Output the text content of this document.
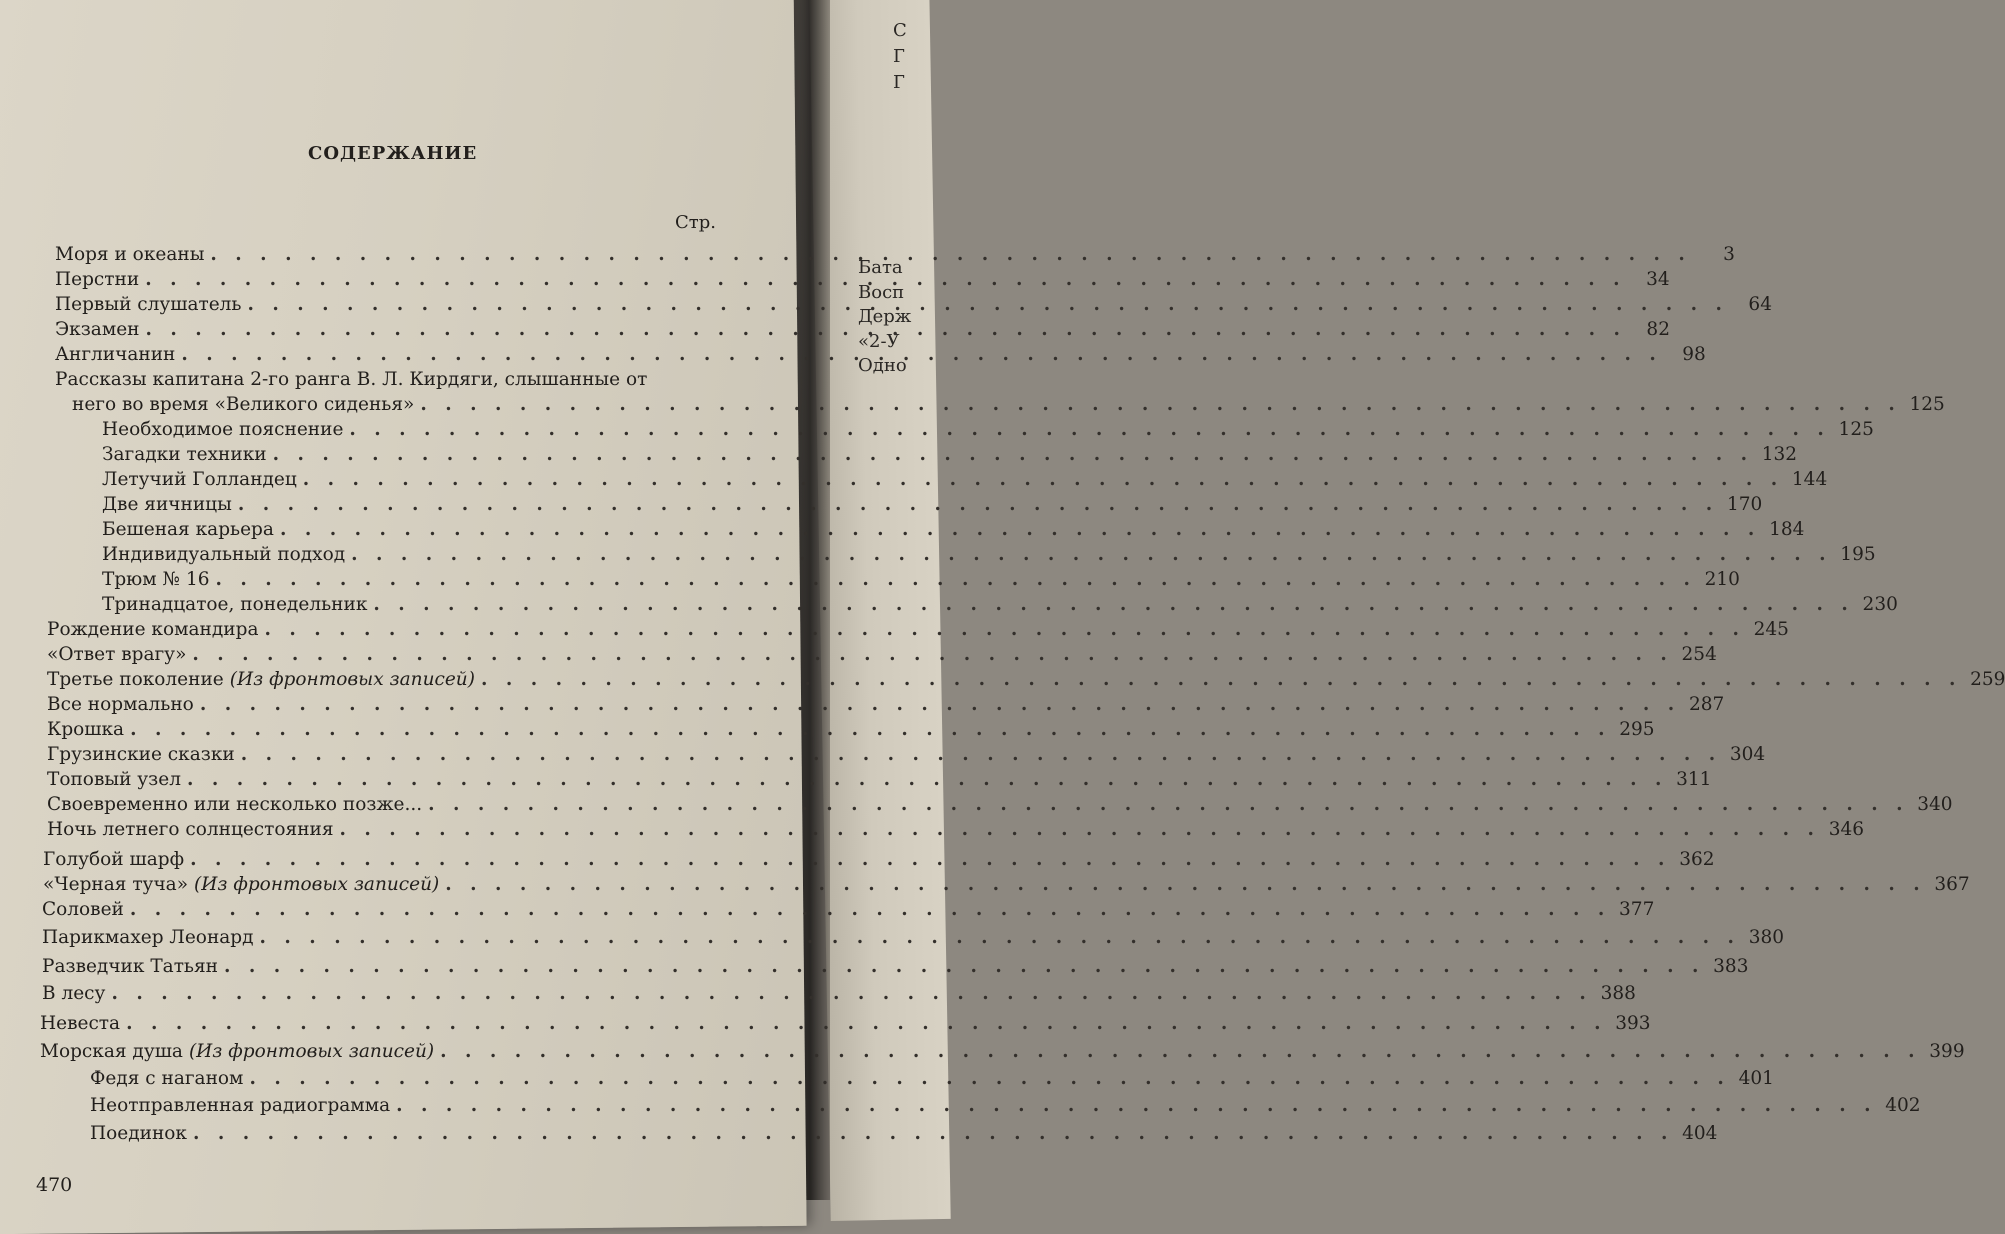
С
Г
Г
Бата
Восп
Держ
«2-У
Одно
СОДЕРЖАНИЕ
Стр.
Моря и океаны . . .	3
Перстни . . .	34
Первый слушатель . . .	64
Экзамен . . .	82
Англичанин . . .	98
Рассказы капитана 2-го ранга В. Л. Кирдяги, слышанные от
него во время «Великого сиденья» . . .	125
Необходимое пояснение . . .	125
Загадки техники . . .	132
Летучий Голландец . . .	144
Две яичницы . . .	170
Бешеная карьера . . .	184
Индивидуальный подход . . .	195
Трюм № 16 . . .	210
Тринадцатое, понедельник . . .	230
Рождение командира . . .	245
«Ответ врагу» . . .	254
Третье поколение (Из фронтовых записей) . . .	259
Все нормально . . .	287
Крошка . . .	295
Грузинские сказки . . .	304
Топовый узел . . .	311
Своевременно или несколько позже... . . .	340
Ночь летнего солнцестояния . . .	346
Голубой шарф . . .	362
«Черная туча» (Из фронтовых записей) . . .	367
Соловей . . .	377
Парикмахер Леонард . . .	380
Разведчик Татьян . . .	383
В лесу . . .	388
Невеста . . .	393
Морская душа (Из фронтовых записей) . . .	399
Федя с наганом . . .	401
Неотправленная радиограмма . . .	402
Поединок . . .	404
470
